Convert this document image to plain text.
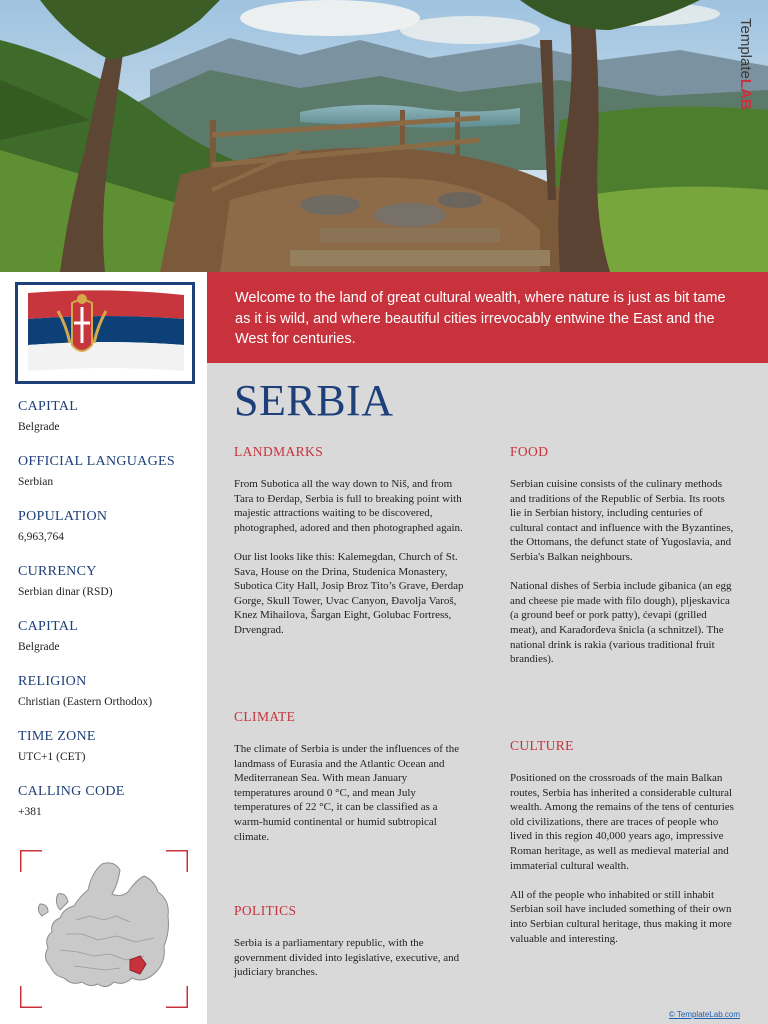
TemplateLAB
CAPITAL
Belgrade
OFFICIAL LANGUAGES
Serbian
POPULATION
6,963,764
CURRENCY
Serbian dinar (RSD)
CAPITAL
Belgrade
RELIGION
Christian (Eastern Orthodox)
TIME ZONE
UTC+1 (CET)
CALLING CODE
+381
Welcome to the land of great cultural wealth, where nature is just as bit tame as it is wild, and where beautiful cities irrevocably entwine the East and the West for centuries.
SERBIA
LANDMARKS

From Subotica all the way down to Niš, and from Tara to Đerdap, Serbia is full to breaking point with majestic attractions waiting to be discovered, photographed, adored and then photographed again.

Our list looks like this: Kalemegdan, Church of St. Sava, House on the Drina, Studenica Monastery, Subotica City Hall, Josip Broz Tito’s Grave, Đerdap Gorge, Skull Tower, Uvac Canyon, Đavolja Varoš, Knez Mihailova, Šargan Eight, Golubac Fortress, Drvengrad.

CLIMATE

The climate of Serbia is under the influences of the landmass of Eurasia and the Atlantic Ocean and Mediterranean Sea. With mean January temperatures around 0 °C, and mean July temperatures of 22 °C, it can be classified as a warm-humid continental or humid subtropical climate.

POLITICS

Serbia is a parliamentary republic, with the government divided into legislative, executive, and judiciary branches.

FOOD

Serbian cuisine consists of the culinary methods and traditions of the Republic of Serbia. Its roots lie in Serbian history, including centuries of cultural contact and influence with the Byzantines, the Ottomans, the defunct state of Yugoslavia, and Serbia's Balkan neighbours.

National dishes of Serbia include gibanica (an egg and cheese pie made with filo dough), pljeskavica (a ground beef or pork patty), ćevapi (grilled meat), and Karađorđeva šnicla (a schnitzel). The national drink is rakia (various traditional fruit brandies).

CULTURE

Positioned on the crossroads of the main Balkan routes, Serbia has inherited a considerable cultural wealth. Among the remains of the tens of centuries old civilizations, there are traces of people who lived in this region 40,000 years ago, impressive Roman heritage, as well as medieval material and immaterial cultural wealth.

All of the people who inhabited or still inhabit Serbian soil have included something of their own into Serbian cultural heritage, thus making it more valuable and interesting.

© TemplateLab.com
